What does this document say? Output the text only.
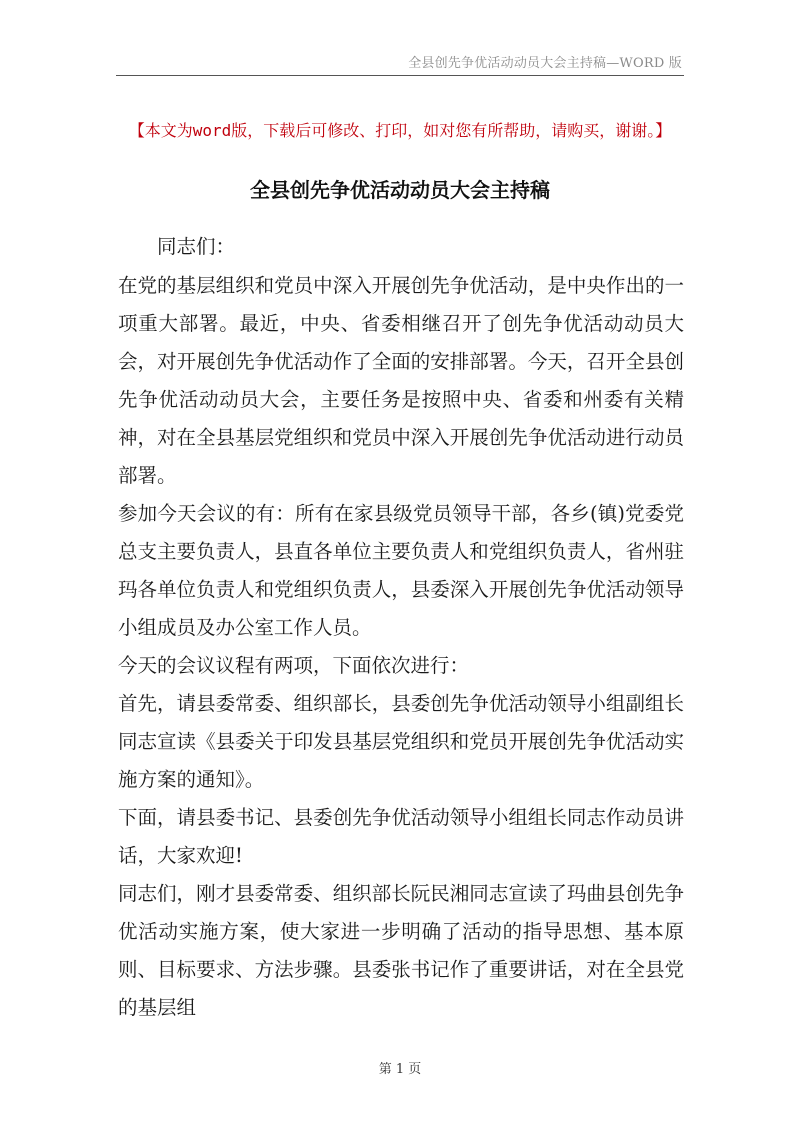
全县创先争优活动动员大会主持稿—WORD 版
【本文为word版，下载后可修改、打印，如对您有所帮助，请购买，谢谢。】
全县创先争优活动动员大会主持稿

同志们：

在党的基层组织和党员中深入开展创先争优活动，是中央作出的一项重大部署。最近，中央、省委相继召开了创先争优活动动员大会，对开展创先争优活动作了全面的安排部署。今天，召开全县创先争优活动动员大会，主要任务是按照中央、省委和州委有关精神，对在全县基层党组织和党员中深入开展创先争优活动进行动员部署。

参加今天会议的有：所有在家县级党员领导干部，各乡(镇)党委党总支主要负责人，县直各单位主要负责人和党组织负责人，省州驻玛各单位负责人和党组织负责人，县委深入开展创先争优活动领导小组成员及办公室工作人员。

今天的会议议程有两项，下面依次进行：

首先，请县委常委、组织部长，县委创先争优活动领导小组副组长同志宣读《县委关于印发县基层党组织和党员开展创先争优活动实施方案的通知》。

下面，请县委书记、县委创先争优活动领导小组组长同志作动员讲话，大家欢迎!

同志们，刚才县委常委、组织部长阮民湘同志宣读了玛曲县创先争优活动实施方案，使大家进一步明确了活动的指导思想、基本原则、目标要求、方法步骤。县委张书记作了重要讲话，对在全县党的基层组

第 1 页
